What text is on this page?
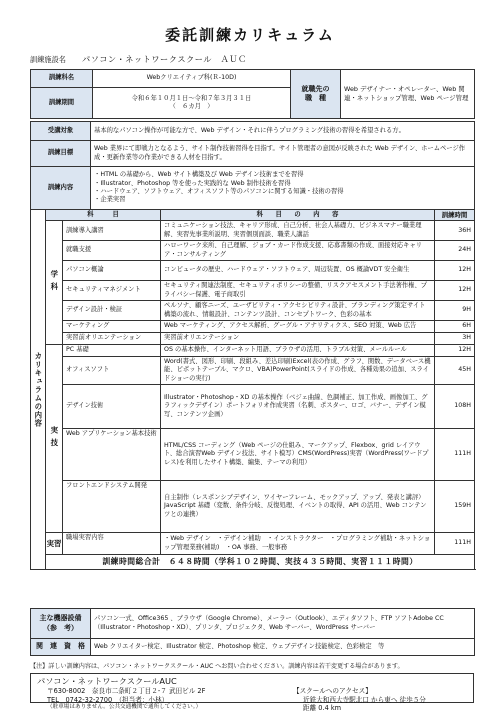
委託訓練カリキュラム
訓練施設名 パソコン・ネットワークスクール　ＡＵＣ
訓練科名	Webクリエイティブ科(Ｒ-10D)	就職先の
職　種	Web デザイナー・オペレーター、Web 関連・ネットショップ管理、Web ページ管理
訓練期間	令和６年１０月１日～令和７年３月３１日
（　６カ月　）		
受講対象			基本的なパソコン操作が可能な方で、Web デザイン・それに伴うプログラミング技術の習得を希望される方。		
訓練目標			Web 業界にて即戦力となるよう、サイト制作技術習得を目指す。サイト管理者の意図が反映された Web デザイン、ホームページ作成・更新作業等の作業ができる人材を目指す。		
訓練内容			・HTML の基礎から、Web サイト構築及び Web デザイン技術までを習得
・Illustrator、Photoshop 等を使った実践的な Web 制作技術を習得
・ハードウェア、ソフトウェア、オフィスソフト等のパソコンに関する知識・技術の習得
・企業実習		

カリキュラムの内容	科　　　目			科　　目　　の　　内　　容	訓練時間

	学科	訓練導入講習		コミュニケーション技法、キャリア形成、自己分析、社会人基礎力、ビジネスマナー職業理解、実習先事業所説明、実習個別面談、職業人講話	36H
		就職支援		ハローワーク来所、自己理解、ジョブ・カード作成支援、応募書類の作成、面接対応キャリア・コンサルティング	24H
		パソコン概論		コンピュータの歴史、ハードウェア・ソフトウェア、周辺装置、OS 概論VDT 安全衛生	12H
		セキュリティマネジメント		セキュリティ関連法制度、セキュリティポリシーの整備、リスクアセスメント手法著作権、プライバシー保護、電子商取引	12H
		デザイン設計・検証		ペルソナ、顧客ニーズ、ユーザビリティ・アクセシビリティ設計、ブランディング策定サイト構築の流れ、情報設計、コンテンツ設計、コンセプトワーク、色彩の基本	9H
		マーケティング		Web マーケティング、アクセス解析、グーグル・アナリティクス、SEO 対策、Web 広告	6H
		実習前オリエンテーション		実習前オリエンテーション	3H

	実技	PC 基礎		OS の基本操作、インターネット用語、ブラウザの活用、トラブル対策、メールルール	12H
		オフィスソフト		Word(書式、図形、印刷、段組み、差込印刷)Excel(表の作成、グラフ、関数、データベース機能、ピボットテーブル、マクロ、VBA)PowerPoint(スライドの作成、各種効果の追加、スライドショーの実行)	45H
		デザイン技術		Illustrator・Photoshop・XD の基本操作（ベジェ曲線、色調補正、加工作成、画像加工、グラフィックデザイン）ポートフォリオ作成実習（名刺、ポスター、ロゴ、バナー、デザイン模写、コンテンツ企画）	108H
		Web アプリケーション基本技術		HTML/CSS コーディング（Web ページの仕組み、マークアップ、Flexbox、grid レイアウト、総合演習Web デザイン技法、サイト模写）CMS(WordPress)実習（WordPress(ワードプレス)を利用したサイト構築、編集、テーマの利用）	111H
		フロントエンドシステム開発		自主制作（レスポンシブデザイン、ワイヤーフレーム、モックアップ、アップ、発表と講評）JavaScript 基礎（変数、条件分岐、反復処理、イベントの取得、API の活用、Web コンテンツとの連携）	159H

	実習	職場実習内容		・Web デザイン　・デザイン補助　・インストラクター　・プログラミング補助・ネットショップ管理業務(補助)　・OA 事務、一般事務	111H
	訓練時間総合計　６４８時間（学科１０２時間、実技４３５時間、実習１１１時間）				
主な機器設備
（参　考）	パソコン一式、Office365 、ブラウザ（Google Chrome）、メーラー（Outlook）、エディタソフト、FTP ソフトAdobe CC（Illustrator・Photoshop・XD）、プリンタ、プロジェクタ、Web サーバー、WordPress サーバー
関　連　資　格	Web クリエイター検定、Illustrator 検定、Photoshop 検定、ウェブデザイン技能検定、色彩検定　等
【注】詳しい訓練内容は、パソコン・ネットワークスクール・AUC へお問い合わせください。訓練内容は若干変更する場合があります。
パソコン・ネットワークスクールAUC
〒630-8002　奈良市二条町２丁目２-７ 武田ビル 2F
TEL　0742-32-2700　（担当者：小林）
（駐車場はありません。公共交通機関で通所してください。）
【スクールへのアクセス】
近鉄大和西大寺駅北口 から東へ 徒歩５分
距離 0.4 km
